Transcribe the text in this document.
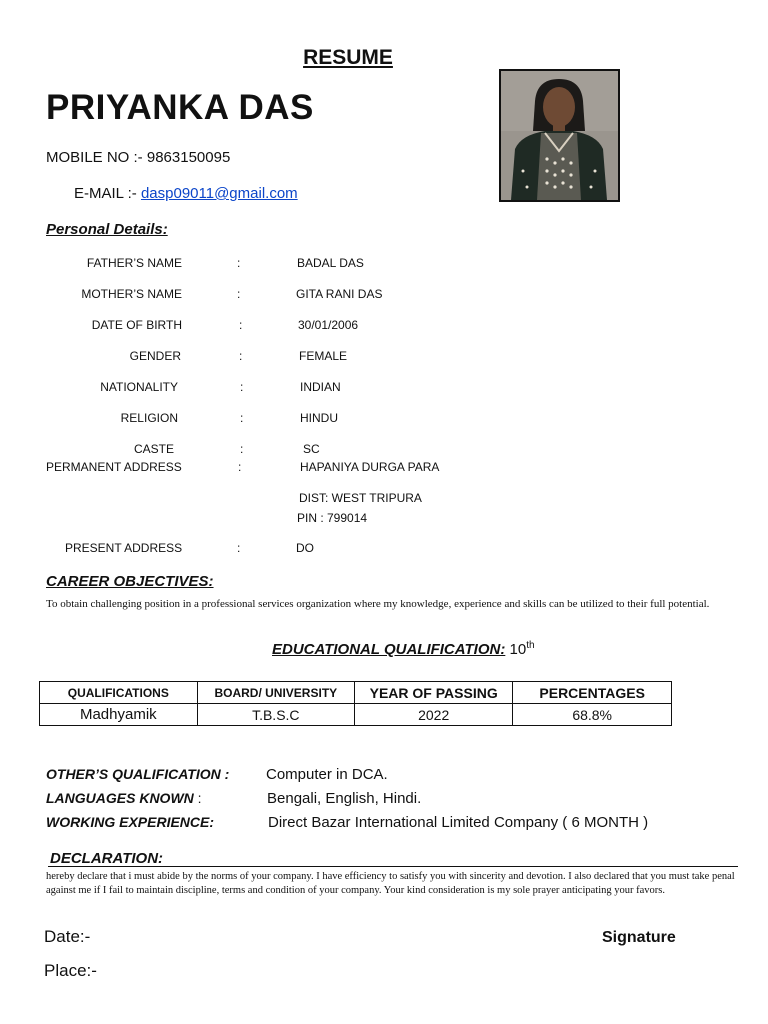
RESUME
PRIYANKA DAS
MOBILE NO :- 9863150095
E-MAIL :- dasp09011@gmail.com
Personal Details:
FATHER’S NAME	:	BADAL DAS
MOTHER’S NAME	:	GITA RANI DAS
DATE OF BIRTH	:	30/01/2006
GENDER	:	FEMALE
NATIONALITY	:	INDIAN
RELIGION	:	HINDU
CASTE	:	SC
PERMANENT ADDRESS	:	HAPANIYA DURGA PARA
DIST: WEST TRIPURA
PIN : 799014
PRESENT ADDRESS	:	DO
CAREER OBJECTIVES:
To obtain challenging position in a professional services organization where my knowledge, experience and skills can be utilized to their full potential.
EDUCATIONAL QUALIFICATION: 10th
QUALIFICATIONS	BOARD/ UNIVERSITY	YEAR OF PASSING	PERCENTAGES
Madhyamik	T.B.S.C	2022	68.8%
OTHER’S QUALIFICATION : Computer in DCA.
LANGUAGES KNOWN :	Bengali, English, Hindi.
WORKING EXPERIENCE:	Direct Bazar International Limited Company ( 6 MONTH )
DECLARATION:
hereby declare that i must abide by the norms of your company. I have efficiency to satisfy you with sincerity and devotion. I also declared that you must take penal against me if I fail to maintain discipline, terms and condition of your company. Your kind consideration is my sole prayer anticipating your favors.
Date:-
Place:-
Signature
